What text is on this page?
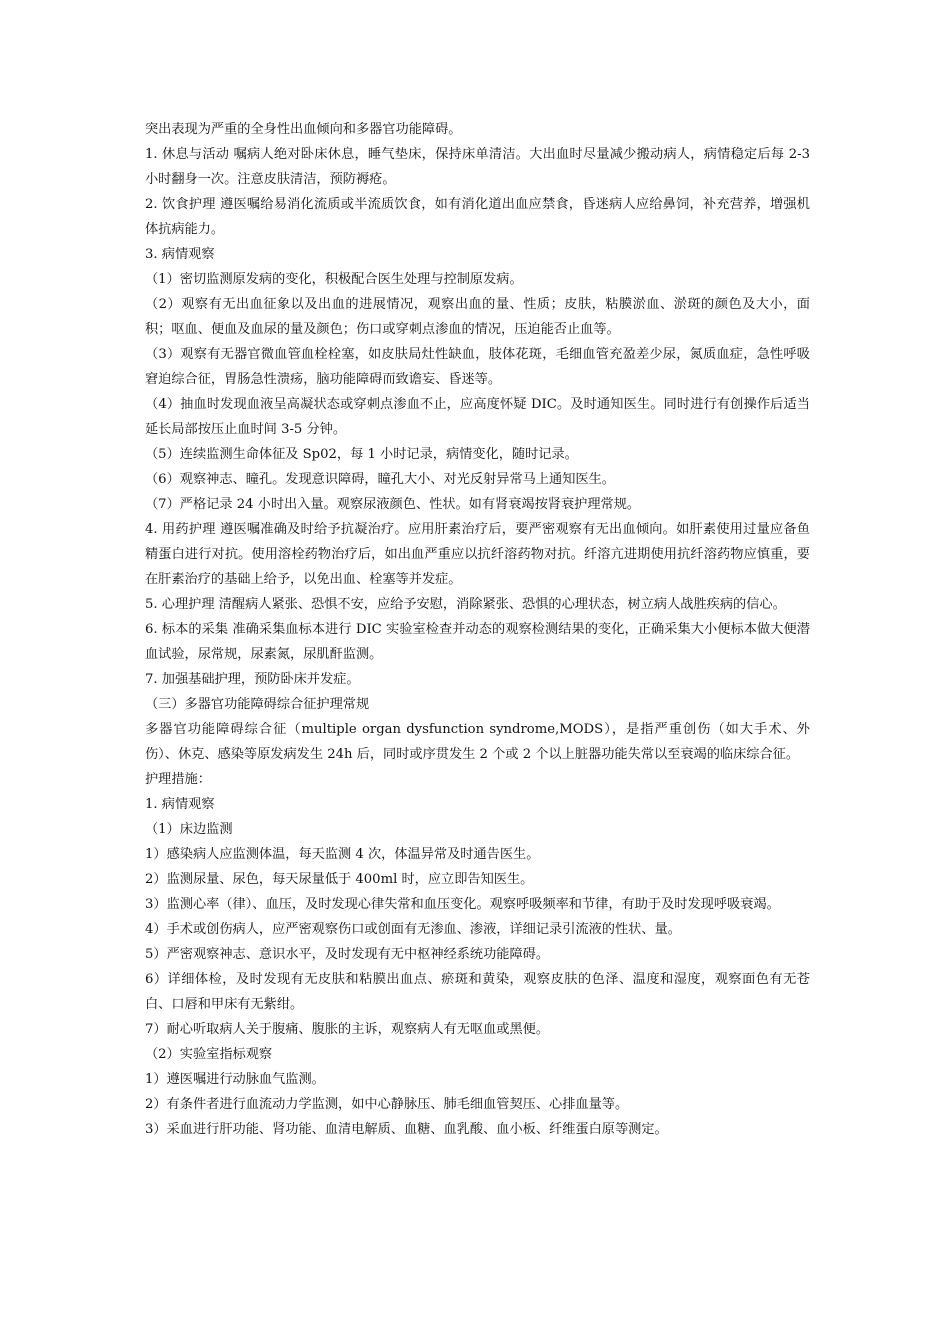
突出表现为严重的全身性出血倾向和多器官功能障碍。

1. 休息与活动 嘱病人绝对卧床休息，睡气垫床，保持床单清洁。大出血时尽量减少搬动病人，病情稳定后每 2-3 小时翻身一次。注意皮肤清洁，预防褥疮。

2. 饮食护理 遵医嘱给易消化流质或半流质饮食，如有消化道出血应禁食，昏迷病人应给鼻饲，补充营养，增强机体抗病能力。

3. 病情观察

（1）密切监测原发病的变化，积极配合医生处理与控制原发病。

（2）观察有无出血征象以及出血的进展情况，观察出血的量、性质；皮肤，粘膜淤血、淤斑的颜色及大小，面积；呕血、便血及血尿的量及颜色；伤口或穿刺点渗血的情况，压迫能否止血等。

（3）观察有无器官微血管血栓栓塞，如皮肤局灶性缺血，肢体花斑，毛细血管充盈差少尿，氮质血症，急性呼吸窘迫综合征，胃肠急性溃疡，脑功能障碍而致谵妄、昏迷等。

（4）抽血时发现血液呈高凝状态或穿刺点渗血不止，应高度怀疑 DIC。及时通知医生。同时进行有创操作后适当延长局部按压止血时间 3-5 分钟。

（5）连续监测生命体征及 Sp02，每 1 小时记录，病情变化，随时记录。

（6）观察神志、瞳孔。发现意识障碍，瞳孔大小、对光反射异常马上通知医生。

（7）严格记录 24 小时出入量。观察尿液颜色、性状。如有肾衰竭按肾衰护理常规。

4. 用药护理 遵医嘱准确及时给予抗凝治疗。应用肝素治疗后，要严密观察有无出血倾向。如肝素使用过量应备鱼精蛋白进行对抗。使用溶栓药物治疗后，如出血严重应以抗纤溶药物对抗。纤溶亢进期使用抗纤溶药物应慎重，要在肝素治疗的基础上给予，以免出血、栓塞等并发症。

5. 心理护理 清醒病人紧张、恐惧不安，应给予安慰，消除紧张、恐惧的心理状态，树立病人战胜疾病的信心。

6. 标本的采集 准确采集血标本进行 DIC 实验室检查并动态的观察检测结果的变化，正确采集大小便标本做大便潜血试验，尿常规，尿素氮，尿肌酐监测。

7. 加强基础护理，预防卧床并发症。

（三）多器官功能障碍综合征护理常规

多器官功能障碍综合征（multiple organ dysfunction syndrome,MODS），是指严重创伤（如大手术、外伤）、休克、感染等原发病发生 24h 后，同时或序贯发生 2 个或 2 个以上脏器功能失常以至衰竭的临床综合征。

护理措施：

1. 病情观察

（1）床边监测

1）感染病人应监测体温，每天监测 4 次，体温异常及时通告医生。

2）监测尿量、尿色，每天尿量低于 400ml 时，应立即告知医生。

3）监测心率（律）、血压，及时发现心律失常和血压变化。观察呼吸频率和节律，有助于及时发现呼吸衰竭。

4）手术或创伤病人，应严密观察伤口或创面有无渗血、渗液，详细记录引流液的性状、量。

5）严密观察神志、意识水平，及时发现有无中枢神经系统功能障碍。

6）详细体检，及时发现有无皮肤和粘膜出血点、瘀斑和黄染，观察皮肤的色泽、温度和湿度，观察面色有无苍白、口唇和甲床有无紫绀。

7）耐心听取病人关于腹痛、腹胀的主诉，观察病人有无呕血或黑便。

（2）实验室指标观察

1）遵医嘱进行动脉血气监测。

2）有条件者进行血流动力学监测，如中心静脉压、肺毛细血管契压、心排血量等。

3）采血进行肝功能、肾功能、血清电解质、血糖、血乳酸、血小板、纤维蛋白原等测定。
